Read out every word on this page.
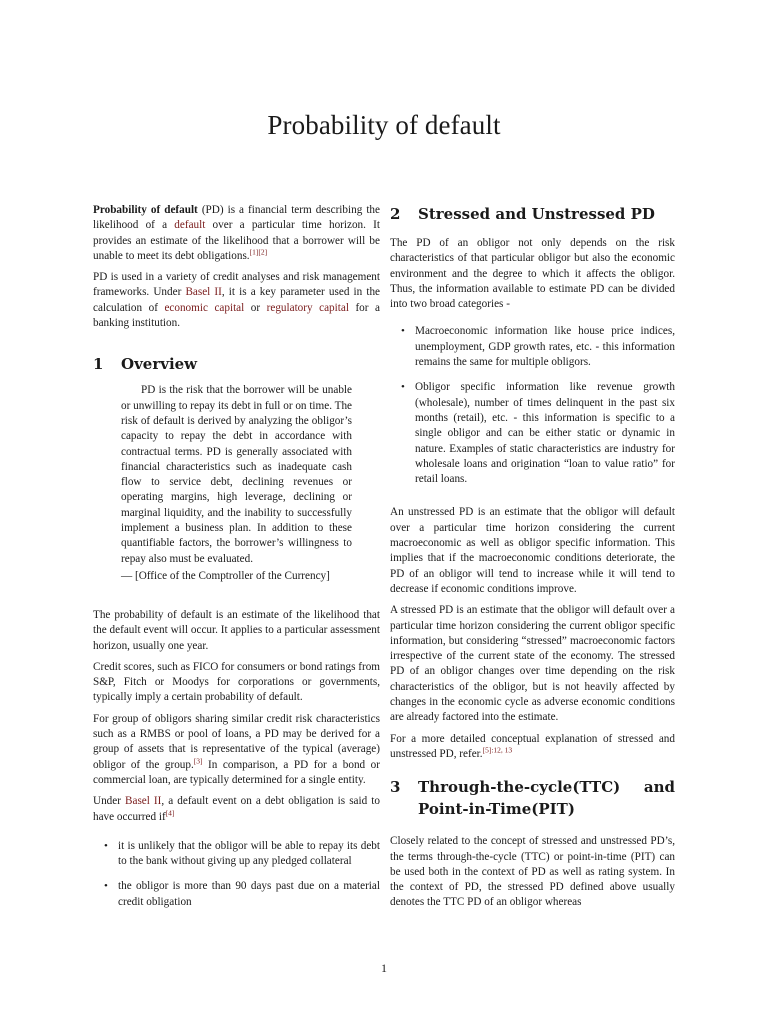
Probability of default

Probability of default (PD) is a financial term describing the likelihood of a default over a particular time horizon. It provides an estimate of the likelihood that a borrower will be unable to meet its debt obligations.[1][2]

PD is used in a variety of credit analyses and risk management frameworks. Under Basel II, it is a key parameter used in the calculation of economic capital or regulatory capital for a banking institution.

1	Overview

PD is the risk that the borrower will be unable or unwilling to repay its debt in full or on time. The risk of default is derived by analyzing the obligor’s capacity to repay the debt in accordance with contractual terms. PD is generally associated with financial characteristics such as inadequate cash flow to service debt, declining revenues or operating margins, high leverage, declining or marginal liquidity, and the inability to successfully implement a business plan. In addition to these quantifiable factors, the borrower’s willingness to repay also must be evaluated.

— [Office of the Comptroller of the Currency]

The probability of default is an estimate of the likelihood that the default event will occur. It applies to a particular assessment horizon, usually one year.

Credit scores, such as FICO for consumers or bond ratings from S&P, Fitch or Moodys for corporations or governments, typically imply a certain probability of default.

For group of obligors sharing similar credit risk characteristics such as a RMBS or pool of loans, a PD may be derived for a group of assets that is representative of the typical (average) obligor of the group.[3] In comparison, a PD for a bond or commercial loan, are typically determined for a single entity.

Under Basel II, a default event on a debt obligation is said to have occurred if[4]

• it is unlikely that the obligor will be able to repay its debt to the bank without giving up any pledged collateral
• the obligor is more than 90 days past due on a material credit obligation
2	Stressed and Unstressed PD

The PD of an obligor not only depends on the risk characteristics of that particular obligor but also the economic environment and the degree to which it affects the obligor. Thus, the information available to estimate PD can be divided into two broad categories -

• Macroeconomic information like house price indices, unemployment, GDP growth rates, etc. - this information remains the same for multiple obligors.
• Obligor specific information like revenue growth (wholesale), number of times delinquent in the past six months (retail), etc. - this information is specific to a single obligor and can be either static or dynamic in nature. Examples of static characteristics are industry for wholesale loans and origination “loan to value ratio” for retail loans.

An unstressed PD is an estimate that the obligor will default over a particular time horizon considering the current macroeconomic as well as obligor specific information. This implies that if the macroeconomic conditions deteriorate, the PD of an obligor will tend to increase while it will tend to decrease if economic conditions improve.

A stressed PD is an estimate that the obligor will default over a particular time horizon considering the current obligor specific information, but considering “stressed” macroeconomic factors irrespective of the current state of the economy. The stressed PD of an obligor changes over time depending on the risk characteristics of the obligor, but is not heavily affected by changes in the economic cycle as adverse economic conditions are already factored into the estimate.

For a more detailed conceptual explanation of stressed and unstressed PD, refer.$^{[5]:12, 13}$

3	Through-the-cycle(TTC) and
Point-in-Time(PIT)

Closely related to the concept of stressed and unstressed PD’s, the terms through-the-cycle (TTC) or point-in-time (PIT) can be used both in the context of PD as well as rating system. In the context of PD, the stressed PD defined above usually denotes the TTC PD of an obligor whereas

1
